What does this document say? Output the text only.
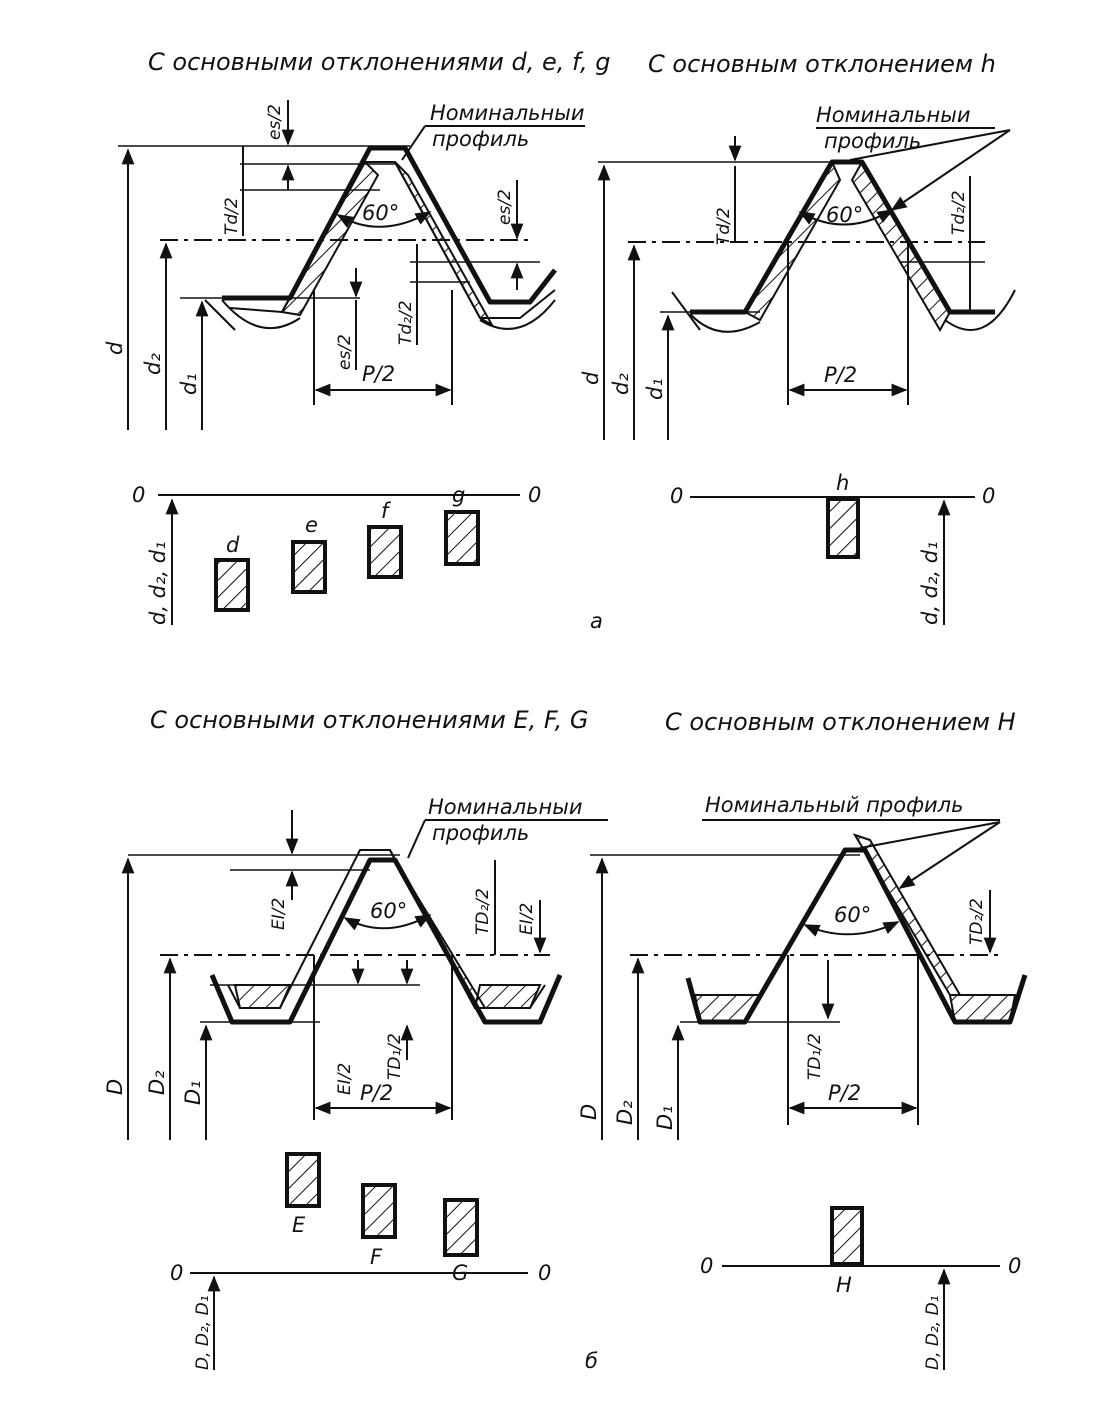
С основными отклонениями d, e, f, g
Номинальныи
профиль
60°
d
d₂
d₁
es/2
Td/2	es/2
Td₂/2
es/2
P/2
0	0
d, d₂, d₁	d
e
f
g
С основным отклонением h
Номинальныи
профиль
60°
d d₂ d₁
Td/2	Td₂/2
P/2
0	0
h
d, d₂, d₁
a
С основными отклонениями E, F, G
Номинальныи
профиль
60°
D D₂ D₁
EI/2	TD₂/2 EI/2
EI/2 TD₁/2
P/2
E
F
G
0	0
D, D₂, D₁
С основным отклонением H
Номинальный профиль
60°
D D₂ D₁
TD₂/2
TD₁/2
P/2
0	0
H
D, D₂, D₁
б
